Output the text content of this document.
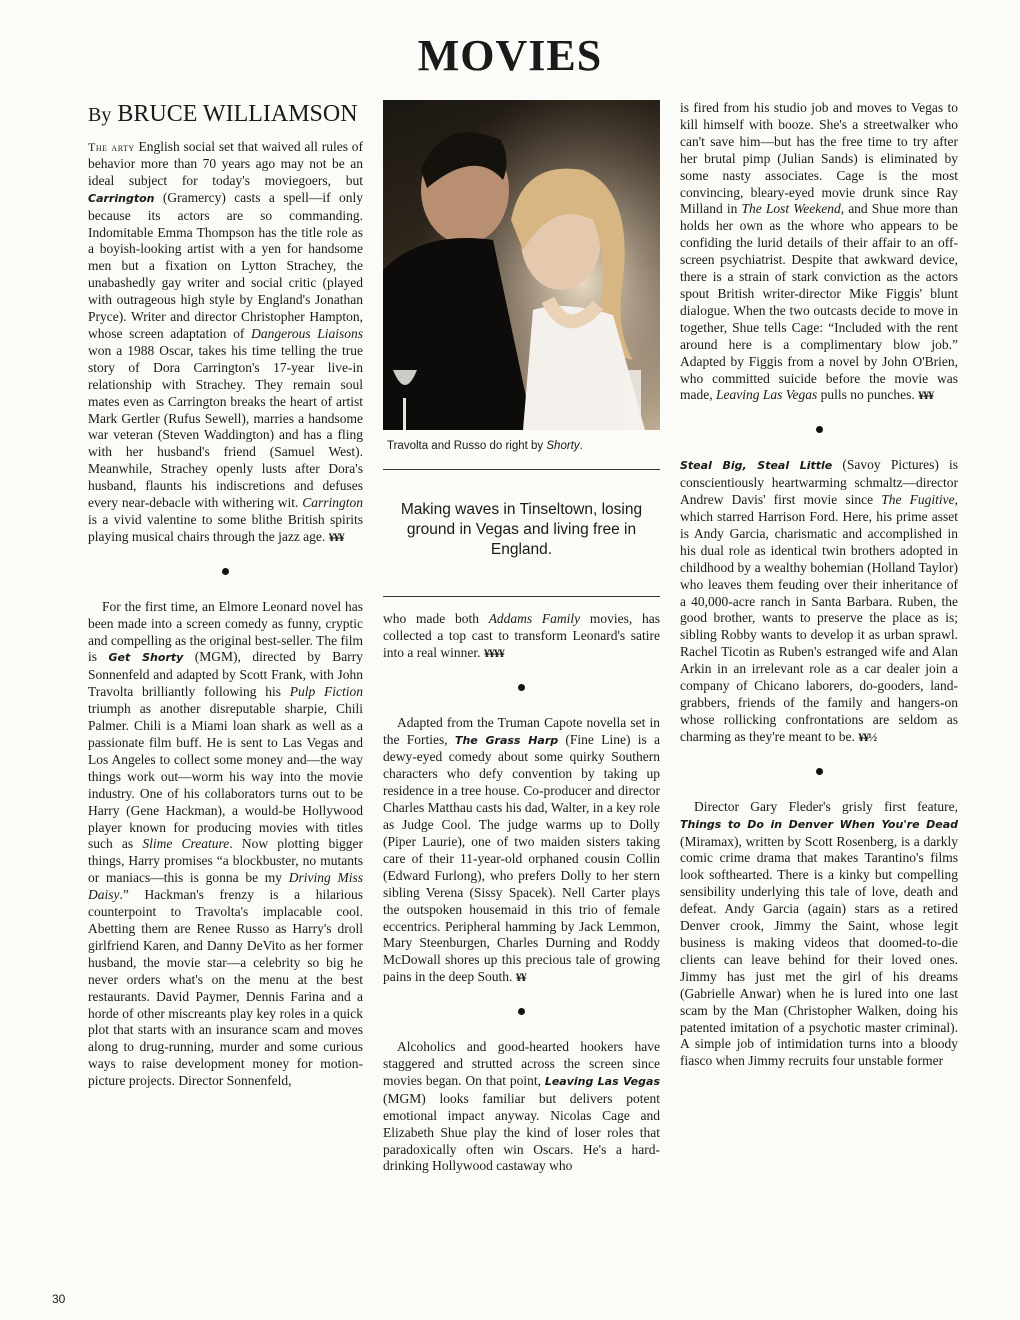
MOVIES
By BRUCE WILLIAMSON

The arty English social set that waived all rules of behavior more than 70 years ago may not be an ideal subject for today's moviegoers, but Carrington (Gramercy) casts a spell—if only because its actors are so commanding. Indomitable Emma Thompson has the title role as a boyish-looking artist with a yen for handsome men but a fixation on Lytton Strachey, the unabashedly gay writer and social critic (played with outrageous high style by England's Jonathan Pryce). Writer and director Christopher Hampton, whose screen adaptation of Dangerous Liaisons won a 1988 Oscar, takes his time telling the true story of Dora Carrington's 17-year live-in relationship with Strachey. They remain soul mates even as Carrington breaks the heart of artist Mark Gertler (Rufus Sewell), marries a handsome war veteran (Steven Waddington) and has a fling with her husband's friend (Samuel West). Meanwhile, Strachey openly lusts after Dora's husband, flaunts his indiscretions and defuses every near-debacle with withering wit. Carrington is a vivid valentine to some blithe British spirits playing musical chairs through the jazz age. ¥¥¥

For the first time, an Elmore Leonard novel has been made into a screen comedy as funny, cryptic and compelling as the original best-seller. The film is Get Shorty (MGM), directed by Barry Sonnenfeld and adapted by Scott Frank, with John Travolta brilliantly following his Pulp Fiction triumph as another disreputable sharpie, Chili Palmer. Chili is a Miami loan shark as well as a passionate film buff. He is sent to Las Vegas and Los Angeles to collect some money and—the way things work out—worm his way into the movie industry. One of his collaborators turns out to be Harry (Gene Hackman), a would-be Hollywood player known for producing movies with titles such as Slime Creature. Now plotting bigger things, Harry promises “a blockbuster, no mutants or maniacs—this is gonna be my Driving Miss Daisy.” Hackman's frenzy is a hilarious counterpoint to Travolta's implacable cool. Abetting them are Renee Russo as Harry's droll girlfriend Karen, and Danny DeVito as her former husband, the movie star—a celebrity so big he never orders what's on the menu at the best restaurants. David Paymer, Dennis Farina and a horde of other miscreants play key roles in a quick plot that starts with an insurance scam and moves along to drug-running, murder and some curious ways to raise development money for motion-picture projects. Director Sonnenfeld,

Travolta and Russo do right by Shorty.

Making waves in Tinseltown, losing ground in Vegas and living free in England.

who made both Addams Family movies, has collected a top cast to transform Leonard's satire into a real winner. ¥¥¥¥

Adapted from the Truman Capote novella set in the Forties, The Grass Harp (Fine Line) is a dewy-eyed comedy about some quirky Southern characters who defy convention by taking up residence in a tree house. Co-producer and director Charles Matthau casts his dad, Walter, in a key role as Judge Cool. The judge warms up to Dolly (Piper Laurie), one of two maiden sisters taking care of their 11-year-old orphaned cousin Collin (Edward Furlong), who prefers Dolly to her stern sibling Verena (Sissy Spacek). Nell Carter plays the outspoken housemaid in this trio of female eccentrics. Peripheral hamming by Jack Lemmon, Mary Steenburgen, Charles Durning and Roddy McDowall shores up this precious tale of growing pains in the deep South. ¥¥

Alcoholics and good-hearted hookers have staggered and strutted across the screen since movies began. On that point, Leaving Las Vegas (MGM) looks familiar but delivers potent emotional impact anyway. Nicolas Cage and Elizabeth Shue play the kind of loser roles that paradoxically often win Oscars. He's a hard-drinking Hollywood castaway who

is fired from his studio job and moves to Vegas to kill himself with booze. She's a streetwalker who can't save him—but has the free time to try after her brutal pimp (Julian Sands) is eliminated by some nasty associates. Cage is the most convincing, bleary-eyed movie drunk since Ray Milland in The Lost Weekend, and Shue more than holds her own as the whore who appears to be confiding the lurid details of their affair to an off-screen psychiatrist. Despite that awkward device, there is a strain of stark conviction as the actors spout British writer-director Mike Figgis' blunt dialogue. When the two outcasts decide to move in together, Shue tells Cage: “Included with the rent around here is a complimentary blow job.” Adapted by Figgis from a novel by John O'Brien, who committed suicide before the movie was made, Leaving Las Vegas pulls no punches. ¥¥¥

Steal Big, Steal Little (Savoy Pictures) is conscientiously heartwarming schmaltz—director Andrew Davis' first movie since The Fugitive, which starred Harrison Ford. Here, his prime asset is Andy Garcia, charismatic and accomplished in his dual role as identical twin brothers adopted in childhood by a wealthy bohemian (Holland Taylor) who leaves them feuding over their inheritance of a 40,000-acre ranch in Santa Barbara. Ruben, the good brother, wants to preserve the place as is; sibling Robby wants to develop it as urban sprawl. Rachel Ticotin as Ruben's estranged wife and Alan Arkin in an irrelevant role as a car dealer join a company of Chicano laborers, do-gooders, land-grabbers, friends of the family and hangers-on whose rollicking confrontations are seldom as charming as they're meant to be. ¥¥½

Director Gary Fleder's grisly first feature, Things to Do in Denver When You're Dead (Miramax), written by Scott Rosenberg, is a darkly comic crime drama that makes Tarantino's films look softhearted. There is a kinky but compelling sensibility underlying this tale of love, death and defeat. Andy Garcia (again) stars as a retired Denver crook, Jimmy the Saint, whose legit business is making videos that doomed-to-die clients can leave behind for their loved ones. Jimmy has just met the girl of his dreams (Gabrielle Anwar) when he is lured into one last scam by the Man (Christopher Walken, doing his patented imitation of a psychotic master criminal). A simple job of intimidation turns into a bloody fiasco when Jimmy recruits four unstable former

30
